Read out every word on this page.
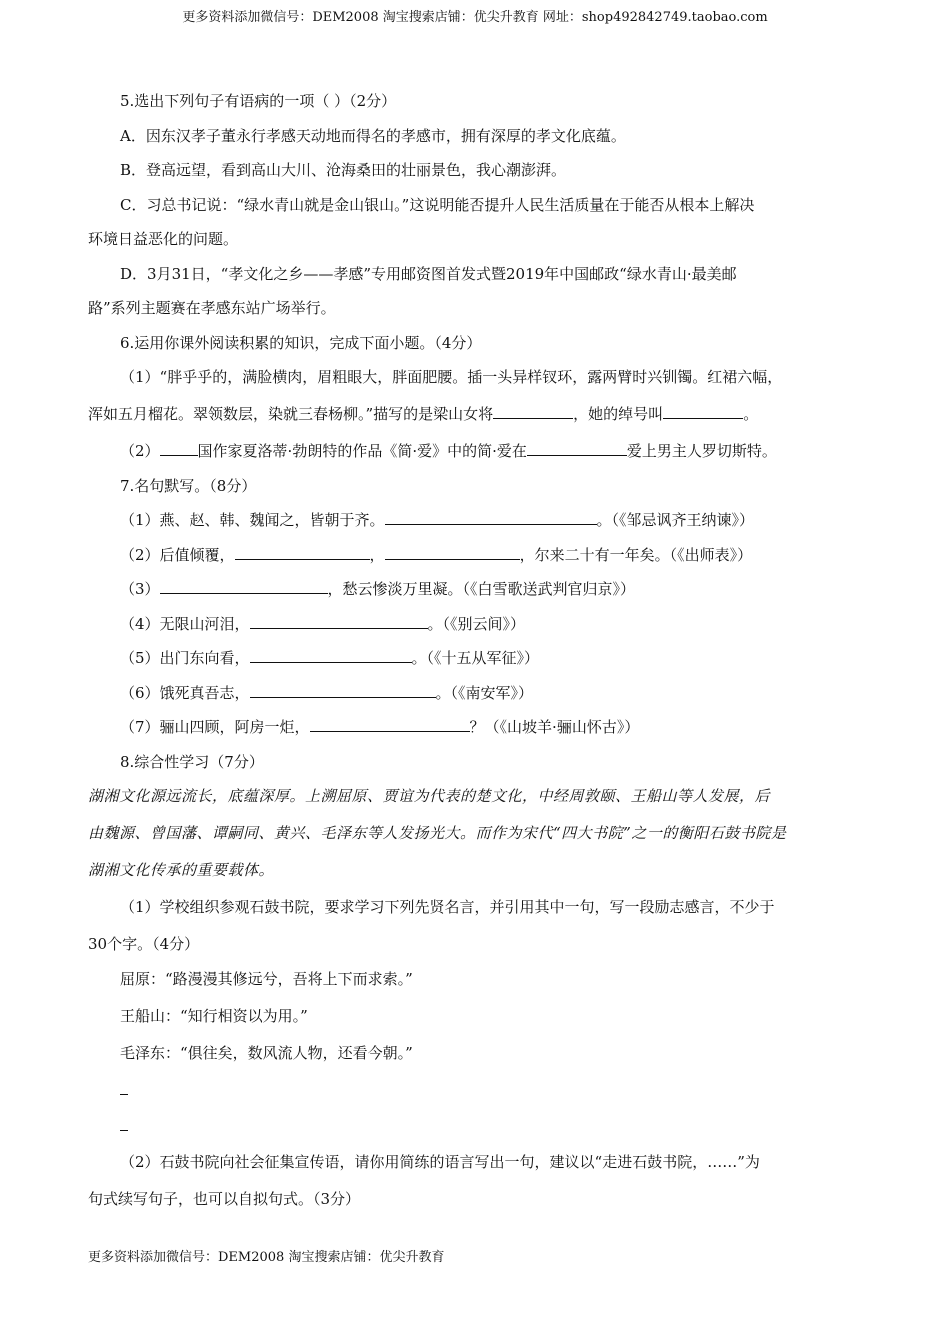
更多资料添加微信号：DEM2008 淘宝搜索店铺：优尖升教育 网址：shop492842749.taobao.com
5.选出下列句子有语病的一项（ ）（2分）
A．因东汉孝子董永行孝感天动地而得名的孝感市，拥有深厚的孝文化底蕴。
B．登高远望，看到高山大川、沧海桑田的壮丽景色，我心潮澎湃。
C．习总书记说：“绿水青山就是金山银山。”这说明能否提升人民生活质量在于能否从根本上解决
环境日益恶化的问题。
D．3月31日，“孝文化之乡——孝感”专用邮资图首发式暨2019年中国邮政“绿水青山·最美邮
路”系列主题赛在孝感东站广场举行。
6.运用你课外阅读积累的知识，完成下面小题。（4分）
（1）“胖乎乎的，满脸横肉，眉粗眼大，胖面肥腰。插一头异样钗环，露两臂时兴钏镯。红裙六幅，
浑如五月榴花。翠领数层，染就三春杨柳。”描写的是梁山女将	，她的绰号叫	。
（2）	国作家夏洛蒂·勃朗特的作品《简·爱》中的简·爱在	爱上男主人罗切斯特。
7.名句默写。（8分）
（1）燕、赵、韩、魏闻之，皆朝于齐。	。（《邹忌讽齐王纳谏》）
（2）后值倾覆，	，	，尔来二十有一年矣。（《出师表》）
（3）	，愁云惨淡万里凝。（《白雪歌送武判官归京》）
（4）无限山河泪，	。（《别云间》）
（5）出门东向看，	。（《十五从军征》）
（6）饿死真吾志，	。（《南安军》）
（7）骊山四顾，阿房一炬，	？（《山坡羊·骊山怀古》）
8.综合性学习（7分）
湖湘文化源远流长，底蕴深厚。上溯屈原、贾谊为代表的楚文化，中经周敦颐、王船山等人发展，后
由魏源、曾国藩、谭嗣同、黄兴、毛泽东等人发扬光大。而作为宋代“四大书院”之一的衡阳石鼓书院是
湖湘文化传承的重要载体。
（1）学校组织参观石鼓书院，要求学习下列先贤名言，并引用其中一句，写一段励志感言，不少于
30个字。（4分）
屈原：“路漫漫其修远兮，吾将上下而求索。”
王船山：“知行相资以为用。”
毛泽东：“俱往矣，数风流人物，还看今朝。”
（2）石鼓书院向社会征集宣传语，请你用简练的语言写出一句，建议以“走进石鼓书院，……”为
句式续写句子，也可以自拟句式。（3分）
更多资料添加微信号：DEM2008 淘宝搜索店铺：优尖升教育
